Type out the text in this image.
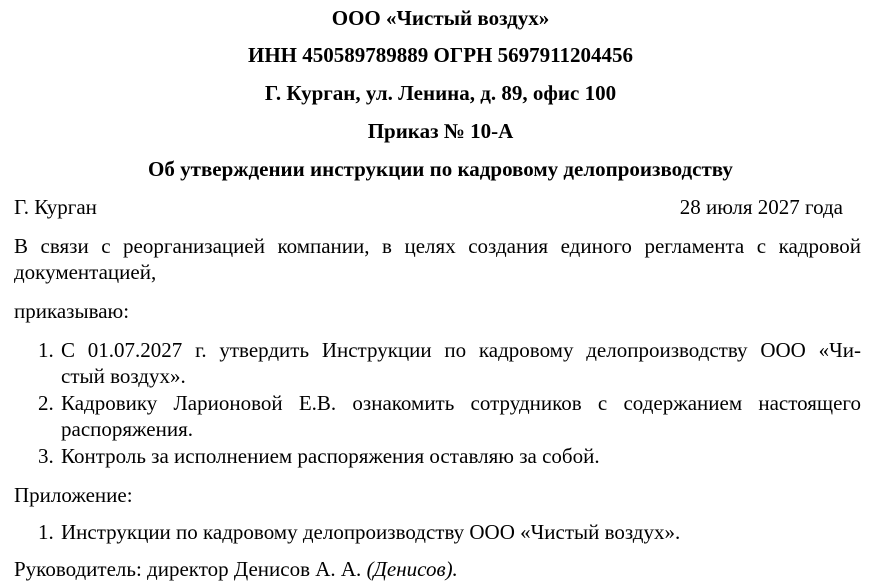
ООО «Чистый воздух»
ИНН 450589789889 ОГРН 5697911204456
Г. Курган, ул. Ленина, д. 89, офис 100
Приказ № 10-А
Об утверждении инструкции по кадровому делопроизводству
Г. Курган	28 июля 2027 года
В связи с реорганизацией компании, в целях создания единого регламента с кадровой
документацией,
приказываю:
1. С 01.07.2027 г. утвердить Инструкции по кадровому делопроизводству ООО «Чи-
стый воздух».
2. Кадровику Ларионовой Е.В. ознакомить сотрудников с содержанием настоящего
распоряжения.
3. Контроль за исполнением распоряжения оставляю за собой.
Приложение:
1. Инструкции по кадровому делопроизводству ООО «Чистый воздух».
Руководитель: директор Денисов А. А. (Денисов).
